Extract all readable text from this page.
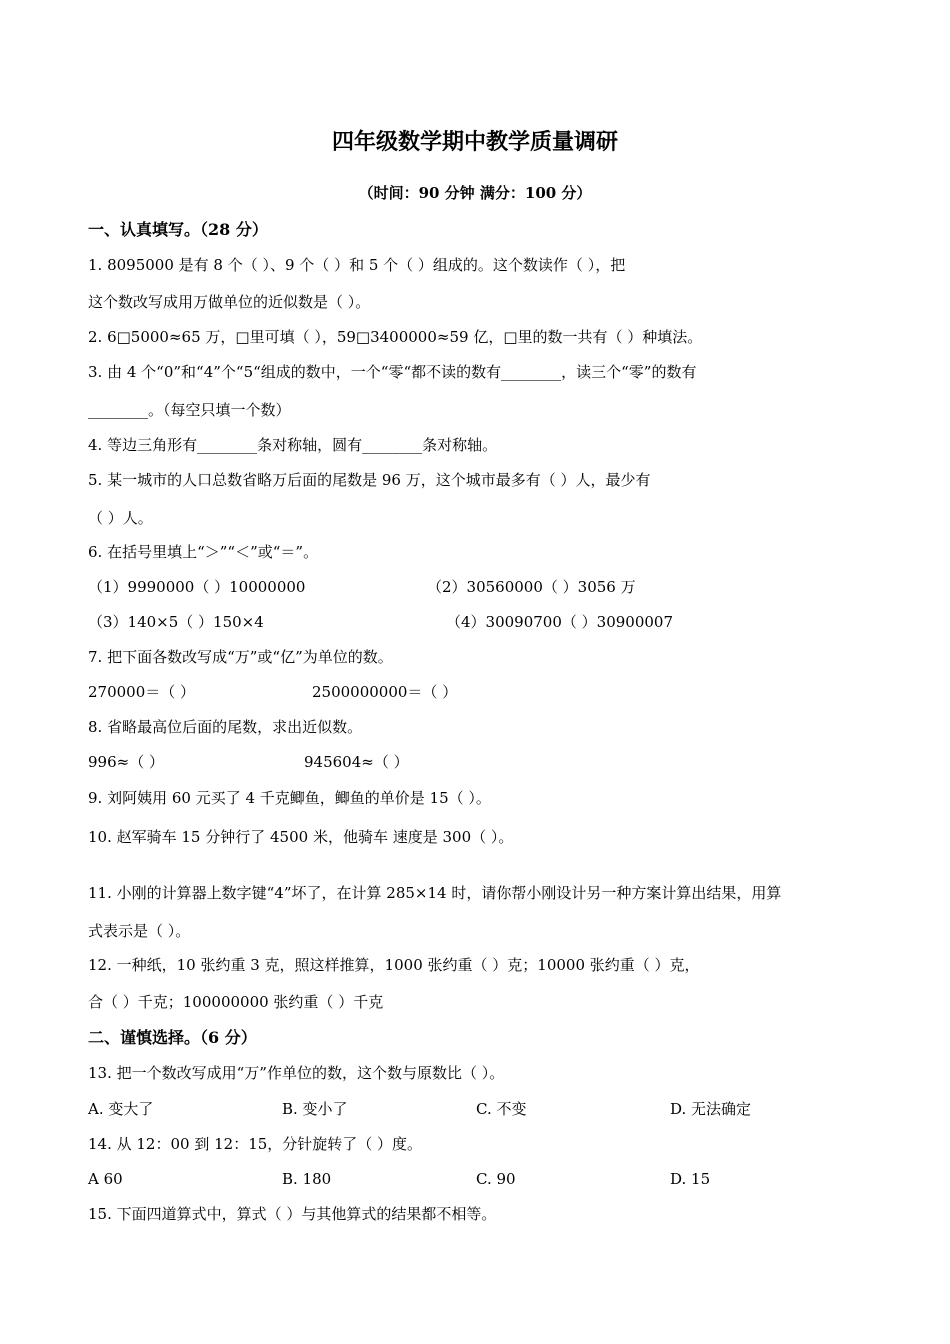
四年级数学期中教学质量调研
（时间：90 分钟 满分：100 分）
一、认真填写。（28 分）
1. 8095000 是有 8 个（ ）、9 个（ ）和 5 个（ ）组成的。这个数读作（ ），把
这个数改写成用万做单位的近似数是（ ）。
2. 6□5000≈65 万，□里可填（ ），59□3400000≈59 亿，□里的数一共有（ ）种填法。
3. 由 4 个“0”和“4”个“5“组成的数中，一个“零“都不读的数有________，读三个“零”的数有
________。（每空只填一个数）
4. 等边三角形有________条对称轴，圆有________条对称轴。
5. 某一城市的人口总数省略万后面的尾数是 96 万，这个城市最多有（ ）人，最少有
（ ）人。
6. 在括号里填上“＞”“＜”或“＝”。
（1）9990000（ ）10000000	（2）30560000（ ）3056 万
（3）140×5（ ）150×4	（4）30090700（ ）30900007
7. 把下面各数改写成“万”或“亿”为单位的数。
270000＝（ ）	2500000000＝（ ）
8. 省略最高位后面的尾数，求出近似数。
996≈（ ）	945604≈（ ）
9. 刘阿姨用 60 元买了 4 千克鲫鱼，鲫鱼的单价是 15（ ）。
10. 赵军骑车 15 分钟行了 4500 米，他骑车 速度是 300（ ）。
11. 小刚的计算器上数字键“4”坏了，在计算 285×14 时，请你帮小刚设计另一种方案计算出结果，用算
式表示是（ ）。
12. 一种纸，10 张约重 3 克，照这样推算，1000 张约重（ ）克；10000 张约重（ ）克，
合（ ）千克；100000000 张约重（ ）千克
二、谨慎选择。（6 分）
13. 把一个数改写成用“万”作单位的数，这个数与原数比（ ）。
A. 变大了	B. 变小了	C. 不变	D. 无法确定
14. 从 12：00 到 12：15，分针旋转了（ ）度。
A 60	B. 180	C. 90	D. 15
15. 下面四道算式中，算式（ ）与其他算式的结果都不相等。
